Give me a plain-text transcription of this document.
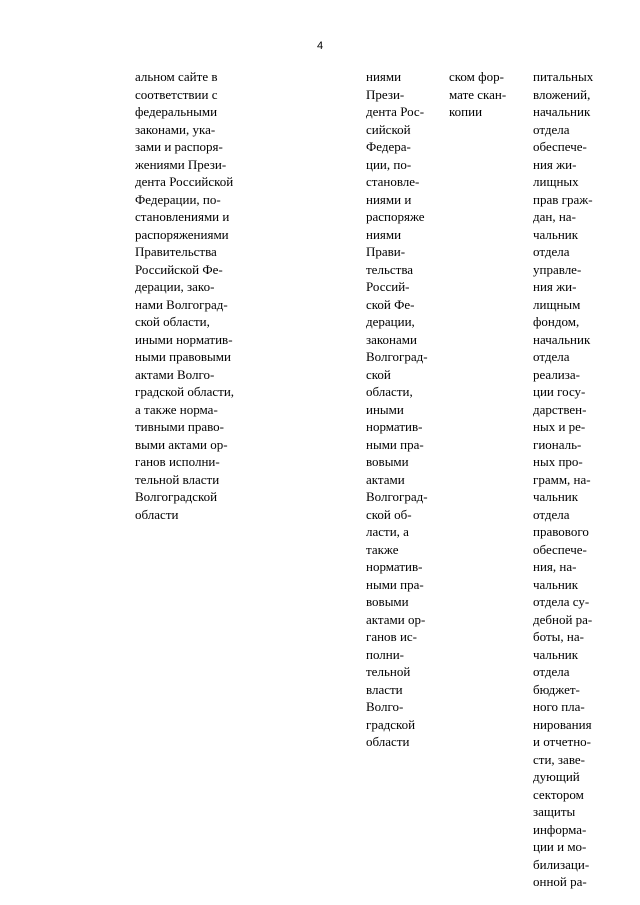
4
альном сайте в
соответствии с
федеральными
законами, ука-
зами и распоря-
жениями Прези-
дента Российской
Федерации, по-
становлениями и
распоряжениями
Правительства
Российской Фе-
дерации, зако-
нами Волгоград-
ской области,
иными норматив-
ными правовыми
актами Волго-
градской области,
а также норма-
тивными право-
выми актами ор-
ганов исполни-
тельной власти
Волгоградской
области
ниями
Прези-
дента Рос-
сийской
Федера-
ции, по-
становле-
ниями и
распоряже
ниями
Прави-
тельства
Россий-
ской Фе-
дерации,
законами
Волгоград-
ской
области,
иными
норматив-
ными пра-
вовыми
актами
Волгоград-
ской об-
ласти, а
также
норматив-
ными пра-
вовыми
актами ор-
ганов ис-
полни-
тельной
власти
Волго-
градской
области
ском фор-
мате скан-
копии
питальных
вложений,
начальник
отдела
обеспече-
ния жи-
лищных
прав граж-
дан, на-
чальник
отдела
управле-
ния жи-
лищным
фондом,
начальник
отдела
реализа-
ции госу-
дарствен-
ных и ре-
гиональ-
ных про-
грамм, на-
чальник
отдела
правового
обеспече-
ния, на-
чальник
отдела су-
дебной ра-
боты, на-
чальник
отдела
бюджет-
ного пла-
нирования
и отчетно-
сти, заве-
дующий
сектором
защиты
информа-
ции и мо-
билизаци-
онной ра-
